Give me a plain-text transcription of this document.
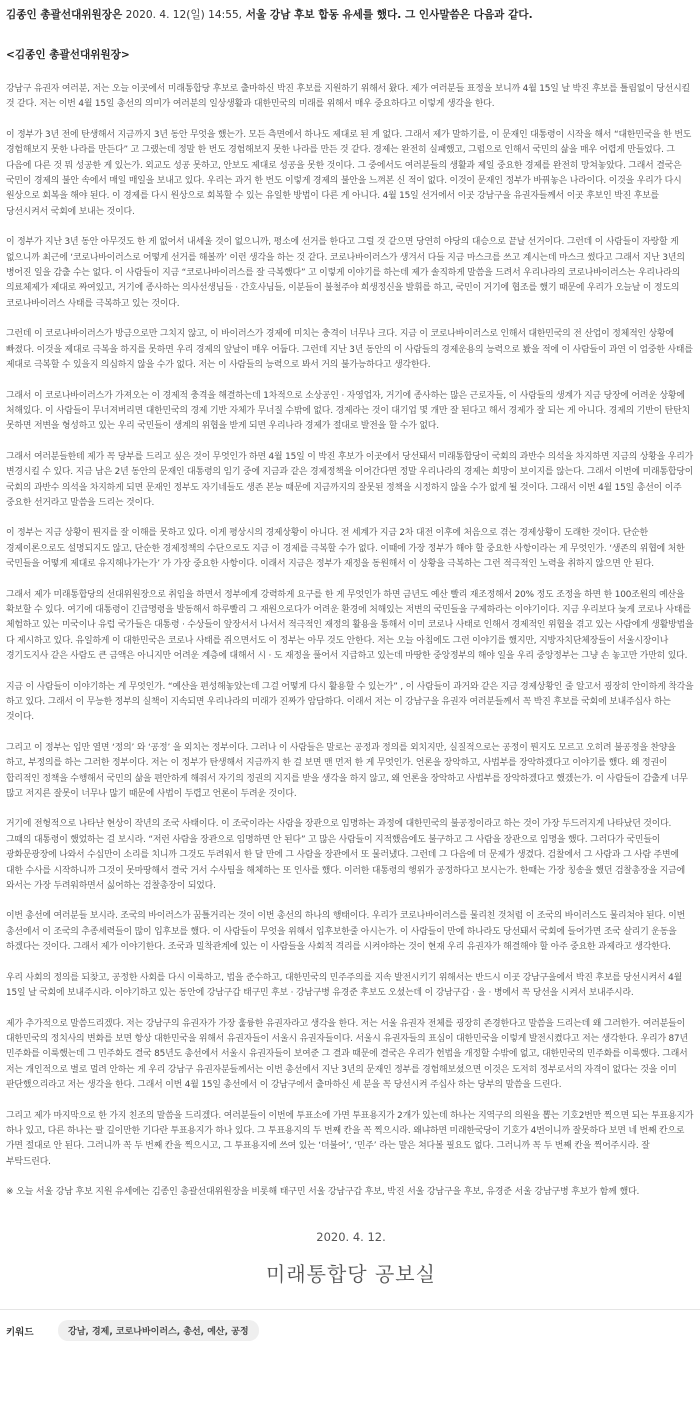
김종인 총괄선대위원장은 2020. 4. 12(일) 14:55, 서울 강남 후보 합동 유세를 했다. 그 인사말씀은 다음과 같다.

<김종인 총괄선대위원장>

강남구 유권자 여러분, 저는 오늘 이곳에서 미래통합당 후보로 출마하신 박진 후보를 지원하기 위해서 왔다. 제가 여러분들 표정을 보니까 4월 15일 날 박진 후보를 틀림없이 당선시킬 것 같다. 저는 이번 4월 15일 총선의 의미가 여러분의 일상생활과 대한민국의 미래를 위해서 매우 중요하다고 이렇게 생각을 한다.

이 정부가 3년 전에 탄생해서 지금까지 3년 동안 무엇을 했는가. 모든 측면에서 하나도 제대로 된 게 없다. 그래서 제가 말하기를, 이 문재인 대통령이 시작을 해서 “대한민국을 한 번도 경험해보지 못한 나라를 만든다” 고 그랬는데 정말 한 번도 경험해보지 못한 나라를 만든 것 같다. 경제는 완전히 실패했고, 그럼으로 인해서 국민의 삶을 매우 어렵게 만들었다. 그 다음에 다른 것 뭐 성공한 게 있는가. 외교도 성공 못하고, 안보도 제대로 성공을 못한 것이다. 그 중에서도 여러분들의 생활과 제일 중요한 경제를 완전히 망쳐놓았다. 그래서 결국은 국민이 경제의 불안 속에서 매일 매일을 보내고 있다. 우리는 과거 한 번도 이렇게 경제의 불안을 느껴본 신 적이 없다. 이것이 문재인 정부가 바꿔놓은 나라이다. 이것을 우리가 다시 원상으로 회복을 해야 된다. 이 경제를 다시 원상으로 회복할 수 있는 유일한 방법이 다른 게 아니다. 4월 15일 선거에서 이곳 강남구을 유권자들께서 이곳 후보인 박진 후보를 당선시켜서 국회에 보내는 것이다.

이 정부가 지난 3년 동안 아무것도 한 게 없어서 내세울 것이 없으니까, 평소에 선거를 한다고 그럴 것 같으면 당연히 야당의 대승으로 끝날 선거이다. 그런데 이 사람들이 자랑할 게 없으니까 최근에 ‘코로나바이러스로 어떻게 선거를 해볼까’ 이런 생각을 하는 것 같다. 코로나바이러스가 생겨서 다들 지금 마스크를 쓰고 계시는데 마스크 썼다고 그래서 지난 3년의 병어진 일을 감출 수는 없다. 이 사람들이 지금 “코로나바이러스를 잘 극복했다” 고 이렇게 이야기를 하는데 제가 솔직하게 말씀을 드려서 우리나라의 코로나바이러스는 우리나라의 의료체제가 제대로 짜여있고, 거기에 종사하는 의사선생님들 · 간호사님들, 이분들이 불철주야 희생정신을 발휘를 하고, 국민이 거기에 협조를 했기 때문에 우리가 오늘날 이 정도의 코로나바이러스 사태를 극복하고 있는 것이다.

그런데 이 코로나바이러스가 방금으로만 그치지 않고, 이 바이러스가 경제에 미치는 충격이 너무나 크다. 지금 이 코로나바이러스로 인해서 대한민국의 전 산업이 정체적인 상황에 빠졌다. 이것을 제대로 극복을 하지를 못하면 우리 경제의 앞날이 매우 어둡다. 그런데 지난 3년 동안의 이 사람들의 경제운용의 능력으로 봤을 적에 이 사람들이 과연 이 엄중한 사태를 제대로 극복할 수 있을지 의심하지 않을 수가 없다. 저는 이 사람들의 능력으로 봐서 거의 불가능하다고 생각한다.

그래서 이 코로나바이러스가 가져오는 이 경제적 충격을 해결하는데 1차적으로 소상공인 · 자영업자, 거기에 종사하는 많은 근로자들, 이 사람들의 생계가 지금 당장에 어려운 상황에 처해있다. 이 사람들이 무너져버리면 대한민국의 경제 기반 자체가 무너질 수밖에 없다. 경제라는 것이 대기업 몇 개만 잘 된다고 해서 경제가 잘 되는 게 아니다. 경제의 기반이 탄탄치 못하면 저변을 형성하고 있는 우리 국민들이 생계의 위협을 받게 되면 우리나라 경제가 절대로 발전을 할 수가 없다.

그래서 여러분들한테 제가 꼭 당부를 드리고 싶은 것이 무엇인가 하면 4월 15일 이 박진 후보가 이곳에서 당선돼서 미래통합당이 국회의 과반수 의석을 차지하면 지금의 상황을 우리가 변경시킬 수 있다. 지금 남은 2년 동안의 문재인 대통령의 임기 중에 지금과 같은 경제정책을 이어간다면 정말 우리나라의 경제는 희망이 보이지를 않는다. 그래서 이번에 미래통합당이 국회의 과반수 의석을 차지하게 되면 문재인 정부도 자기네들도 생존 본능 때문에 지금까지의 잘못된 정책을 시정하지 않을 수가 없게 될 것이다. 그래서 이번 4월 15일 총선이 이주 중요한 선거라고 말씀을 드리는 것이다.

이 정부는 지금 상황이 뭔지를 잘 이해를 못하고 있다. 이게 평상시의 경제상황이 아니다. 전 세계가 지금 2차 대전 이후에 처음으로 겪는 경제상황이 도래한 것이다. 단순한 경제이론으로도 설명되지도 않고, 단순한 경제정책의 수단으로도 지금 이 경제를 극복할 수가 없다. 이때에 가장 정부가 해야 할 중요한 사항이라는 게 무엇인가. ‘생존의 위협에 처한 국민들을 어떻게 제대로 유지해나가는가’ 가 가장 중요한 사항이다. 이래서 지금은 정부가 재정을 동원해서 이 상황을 극복하는 그런 적극적인 노력을 취하지 않으면 안 된다.

그래서 제가 미래통합당의 선대위원장으로 취임을 하면서 정부에게 강력하게 요구를 한 게 무엇인가 하면 금년도 예산 빨리 재조정해서 20% 정도 조정을 하면 한 100조원의 예산을 확보할 수 있다. 여기에 대통령이 긴급명령을 발동해서 하루빨리 그 재원으로다가 어려운 환경에 처해있는 저변의 국민들을 구제하라는 이야기이다. 지금 우리보다 늦게 코로나 사태를 체험하고 있는 미국이나 유럽 국가들은 대통령 · 수상들이 앞장서서 나서서 적극적인 재정의 활용을 통해서 이미 코로나 사태로 인해서 경제적인 위협을 겪고 있는 사람에게 생활방법을 다 제시하고 있다. 유일하게 이 대한민국은 코로나 사태를 쥐으면서도 이 정부는 아무 것도 안한다. 저는 오늘 아침에도 그런 이야기를 했지만, 지방자치단체장들이 서울시장이나 경기도지사 같은 사람도 큰 금액은 아니지만 어려운 계층에 대해서 시 · 도 재정을 풀어서 지급하고 있는데 마땅한 중앙정부의 해야 일을 우리 중앙정부는 그냥 손 놓고만 가만히 있다.

지금 이 사람들이 이야기하는 게 무엇인가. “예산을 편성해놓았는데 그걸 어떻게 다시 활용할 수 있는가” , 이 사람들이 과거와 같은 지금 경제상황인 줄 알고서 굉장히 안이하게 착각을 하고 있다. 그래서 이 무능한 정부의 실책이 지속되면 우리나라의 미래가 진짜가 암담하다. 이래서 저는 이 강남구을 유권자 여러분들께서 꼭 박진 후보를 국회에 보내주십사 하는 것이다.

그리고 이 정부는 입만 열면 ‘정의’ 와 ‘공정’ 을 외치는 정부이다. 그러나 이 사람들은 말로는 공정과 정의를 외치지만, 실질적으로는 공정이 뭔지도 모르고 오히려 불공정을 찬양을 하고, 부정의를 하는 그러한 정부이다. 저는 이 정부가 탄생해서 지금까지 한 걸 보면 맨 먼저 한 게 무엇인가. 언론을 장악하고, 사법부를 장악하겠다고 이야기를 했다. 왜 정권이 합리적인 정책을 수행해서 국민의 삶을 편안하게 해줘서 자기의 정권의 지지를 받을 생각을 하지 않고, 왜 언론을 장악하고 사법부를 장악하겠다고 했겠는가. 이 사람들이 감출게 너무 많고 저지른 잘못이 너무나 많기 때문에 사법이 두렵고 언론이 두려운 것이다.

거기에 전형적으로 나타난 현상이 작년의 조국 사태이다. 이 조국이라는 사람을 장관으로 임명하는 과정에 대한민국의 불공정이라고 하는 것이 가장 두드러지게 나타났던 것이다. 그때의 대통령이 했었하는 걸 보시라. “저런 사람을 장관으로 임명하면 안 된다” 고 많은 사람들이 지적했음에도 불구하고 그 사람을 장관으로 임명을 했다. 그러다가 국민들이 광화문광장에 나와서 수십만이 소리를 치니까 그것도 두려워서 한 달 만에 그 사람을 장관에서 또 물러냈다. 그런데 그 다음에 더 문제가 생겼다. 검찰에서 그 사람과 그 사람 주변에 대한 수사를 시작하니까 그것이 못마땅해서 결국 거서 수사팀을 해체하는 또 인사를 했다. 이러한 대통령의 행위가 공정하다고 보시는가. 한때는 가장 칭송을 했던 검찰총장을 지금에 와서는 가장 두려워하면서 싫어하는 검찰총장이 되었다.

이번 총선에 여러분들 보시라. 조국의 바이러스가 꿈틀거리는 것이 이번 총선의 하나의 행태이다. 우리가 코로나바이러스를 물리친 것처럼 이 조국의 바이러스도 물리쳐야 된다. 이번 총선에서 이 조국의 추종세력들이 많이 입후보를 했다. 이 사람들이 무엇을 위해서 입후보한줄 아시는가. 이 사람들이 만에 하나라도 당선돼서 국회에 들어가면 조국 살리기 운동을 하겠다는 것이다. 그래서 제가 이야기한다. 조국과 밀착관계에 있는 이 사람들을 사회적 격리를 시켜야하는 것이 현재 우리 유권자가 해결해야 할 아주 중요한 과제라고 생각한다.

우리 사회의 정의를 되찾고, 공정한 사회를 다시 이룩하고, 법을 준수하고, 대한민국의 민주주의를 지속 발전시키기 위해서는 반드시 이곳 강남구을에서 박진 후보를 당선시켜서 4월 15일 날 국회에 보내주시라. 이야기하고 있는 동안에 강남구갑 태구민 후보 · 강남구병 유경준 후보도 오셨는데 이 강남구갑 · 을 · 병에서 꼭 당선을 시켜서 보내주시라.

제가 추가적으로 말씀드리겠다. 저는 강남구의 유권자가 가장 훌륭한 유권자라고 생각을 한다. 저는 서울 유권자 전체를 굉장히 존경한다고 말씀을 드리는데 왜 그러한가. 여러분들이 대한민국의 정치사의 변화를 보면 항상 대한민국을 위해서 유권자들이 서울시 유권자들이다. 서울시 유권자들의 표심이 대한민국을 이렇게 발전시켰다고 저는 생각한다. 우리가 87년 민주화를 이룩했는데 그 민주화도 결국 85년도 총선에서 서울시 유권자들이 보여준 그 결과 때문에 결국은 우리가 헌법을 개정할 수밖에 없고, 대한민국의 민주화를 이룩했다. 그래서 저는 개인적으로 별로 멀려 안하는 게 우리 강남구 유권자분들께서는 이번 총선에서 지난 3년의 문재인 정부를 경험해보셨으면 이것은 도저히 정부로서의 자격이 없다는 것을 이미 판단했으리라고 저는 생각을 한다. 그래서 이번 4월 15일 총선에서 이 강남구에서 출마하신 세 분을 꼭 당선시켜 주십사 하는 당부의 말씀을 드린다.

그리고 제가 마지막으로 한 가지 친조의 말씀을 드리겠다. 여러분들이 이번에 투표소에 가면 투표용지가 2개가 있는데 하나는 지역구의 의원을 뽑는 기호2번만 찍으면 되는 투표용지가 하나 있고, 다른 하나는 팔 길이만한 기다란 투표용지가 하나 있다. 그 투표용지의 두 번째 칸을 꼭 찍으시라. 왜냐하면 미래한국당이 기호가 4번이니까 잘못하다 보면 네 번째 칸으로 가면 절대로 안 된다. 그러니까 꼭 두 번째 칸을 찍으시고, 그 투표용지에 쓰여 있는 ‘더불어’, ‘민주’ 라는 말은 쳐다볼 필요도 없다. 그러니까 꼭 두 번째 칸을 찍어주시라. 잘 부탁드린다.

※ 오늘 서울 강남 후보 지원 유세에는 김종인 총괄선대위원장을 비롯해 태구민 서울 강남구갑 후보, 박진 서울 강남구을 후보, 유경준 서울 강남구병 후보가 함께 했다.

2020. 4. 12.

미래통합당 공보실

키워드	강남, 경제, 코로나바이러스, 총선, 예산, 공정
